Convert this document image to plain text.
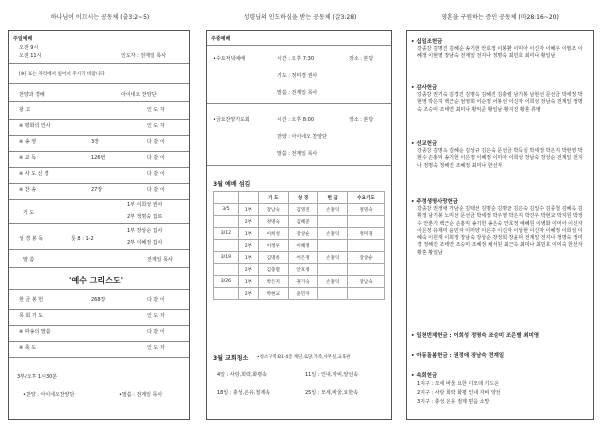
하나님이 이끄시는 공동체 (출3:2~5)
주일예배
오전 9시
오전 11시	인도자 : 전계일 목사
[※] 표는 자리에서 일어서 주시기 바랍니다
찬양과 경배	아이네오 찬양단
광 고	인 도 자
※ 평화의 인사	인 도 자
※ 송 영	3장	다 같 이
※ 교 독	126번	다 같 이
※ 사 도 신 경	다 같 이
※ 찬 송	27장	다 같 이
기 도
1부 이희성 권사
2부 정명숙 집로
성 경 봉 독	룻 8 : 1-2
1부 장상순 집사
2부 이혜정 집사
말 씀	전계일 목사
'예수 그리스도'
현 금 봉 헌	268장	다 같 이
목 회 기 도	인 도 자
※ 파송의 말씀	다 같 이
※ 축 도	인 도 자
3부/오후 1시30분
•찬양 : 아이네오찬양단	•말씀 : 전계일 목사
성령님의 인도하심을 받는 공동체 (갈3:28)
주중예배
•수요저녁예배	시간 : 오후 7:30	장소 : 본당
기도 : 정미경 권사
말씀 : 전계일 목사
•금요찬양기도회	시간 : 오후 8:00	장소 : 본당
찬양 : 아이네오 찬양단
말씀 : 전계일 목사
3월 예배 섬김
		기 도	성 경	헌 금	수요기도
3/5	1부	장남숙	김명진	손홍익	정명숙
	2부	정명숙	김혜준		
3/12	1부	이희성	장상순	손홍익	정미경
	2부	이정우	이혜정		
3/19	1부	김명옥	어은정	손홍익	장상순
	2부	김충렬	안호정		
3/26	1부	박은지	권기숙	손홍익	장남숙
	2부	박현교	윤민자		
3월 교회청소 •청소구역:B1-4층 계단,로당,가족,사무실,교육관
4일 : 사랑,희락,화평속	11일 : 인내,자비,양선속
18일 : 충성,온유,절제속	25일 : 모세,바울,요한속
영혼을 구원하는 증인 공동체 (마28:16~20)
• 십일조헌금
강종강 김명진 김혜순 송기헌 안호정 이봉환 이미아 이신자 이혜우 이필조 이혜정 이현영 장남숙 전계일 전지나 정명숙 최민호 최미나 황일남
• 감사헌금
강종강 권기숙 김경진 김명옥 김혜진 김충렬 남기봉 남현선 문선금 박세정 박현영 박은지 백근순 엄영희 어순정 어봉선 이신자 이희성 장남숙 전계일 정명숙 조승미 조태연 최미나 황익준 황일남 황지진 황혼 류병
• 선교헌금
강종강 김명옥 김혜순 김상규 김은숙 문선금 박득실 박세정 박은지 박현영 박현수 손홍익 송기헌 이은정 이혜정 이미아 이희성 장남숙 장상순 전계일 전지나 정명숙 정해진 조혜정 최미나 한선자
• 주정생명사랑헌금
강종강 권정애 가남순 김택선 김명순 김명균 김은숙 김일수 김종철 김혜옥 김휘정 남기봉 노미선 문선금 박세정 박우영 박은지 박진우 박현교 박지원 박정수 안춘기 백근순 손홍익 송기헌 송은숙 안호정 예혜원 이병화 이미아 이신자 이은정 유제미 윤민자 이미양 이은주 이신자 이상현 이신자 이혜정 이희성 이혜숙 이원재 이희정 장남숙 장상순 장정희 장윤덕 전계일 전지나 정명숙 정미경 정해진 조태연 조승미 조혜정 채서원 최근옥 최미나 최민호 이미숙 한선자 황혼 황일남
• 일천번제헌금 : 이희성 정명숙 조승미 조은별 최미영
• 아동돌봄헌금 : 권정애 장남숙 전계일
• 속회헌금
1지구 : 모세 바울 요한 디모데 기드온
2지구 : 사랑 희락 화평 인내 자비 양선
3지구 : 충성 온유 절제 믿음 소망
